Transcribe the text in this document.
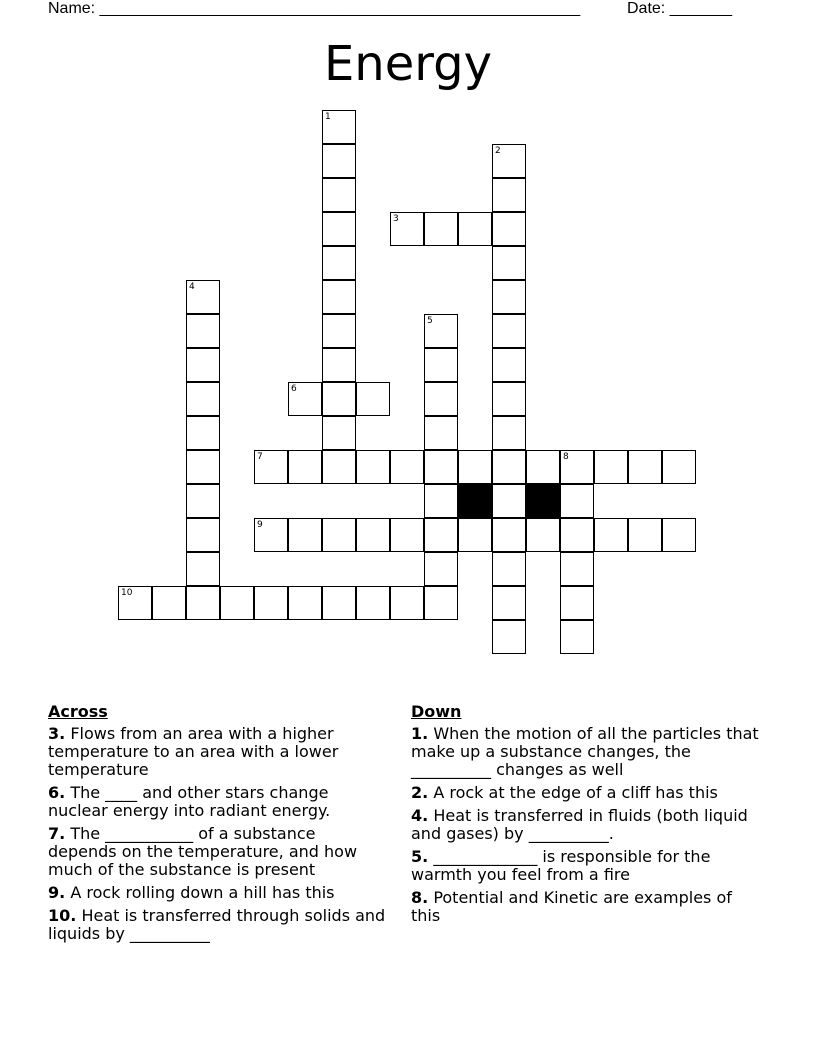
Name: ______________________________________________________	Date: _______
Energy
1
2
3
4
5
6
7	8
9
10
Across
3. Flows from an area with a higher temperature to an area with a lower temperature
6. The ____ and other stars change nuclear energy into radiant energy.
7. The ___________ of a substance depends on the temperature, and how much of the substance is present
9. A rock rolling down a hill has this
10. Heat is transferred through solids and liquids by __________
Down
1. When the motion of all the particles that make up a substance changes, the __________ changes as well
2. A rock at the edge of a cliff has this
4. Heat is transferred in fluids (both liquid and gases) by __________.
5. _____________ is responsible for the warmth you feel from a fire
8. Potential and Kinetic are examples of this
